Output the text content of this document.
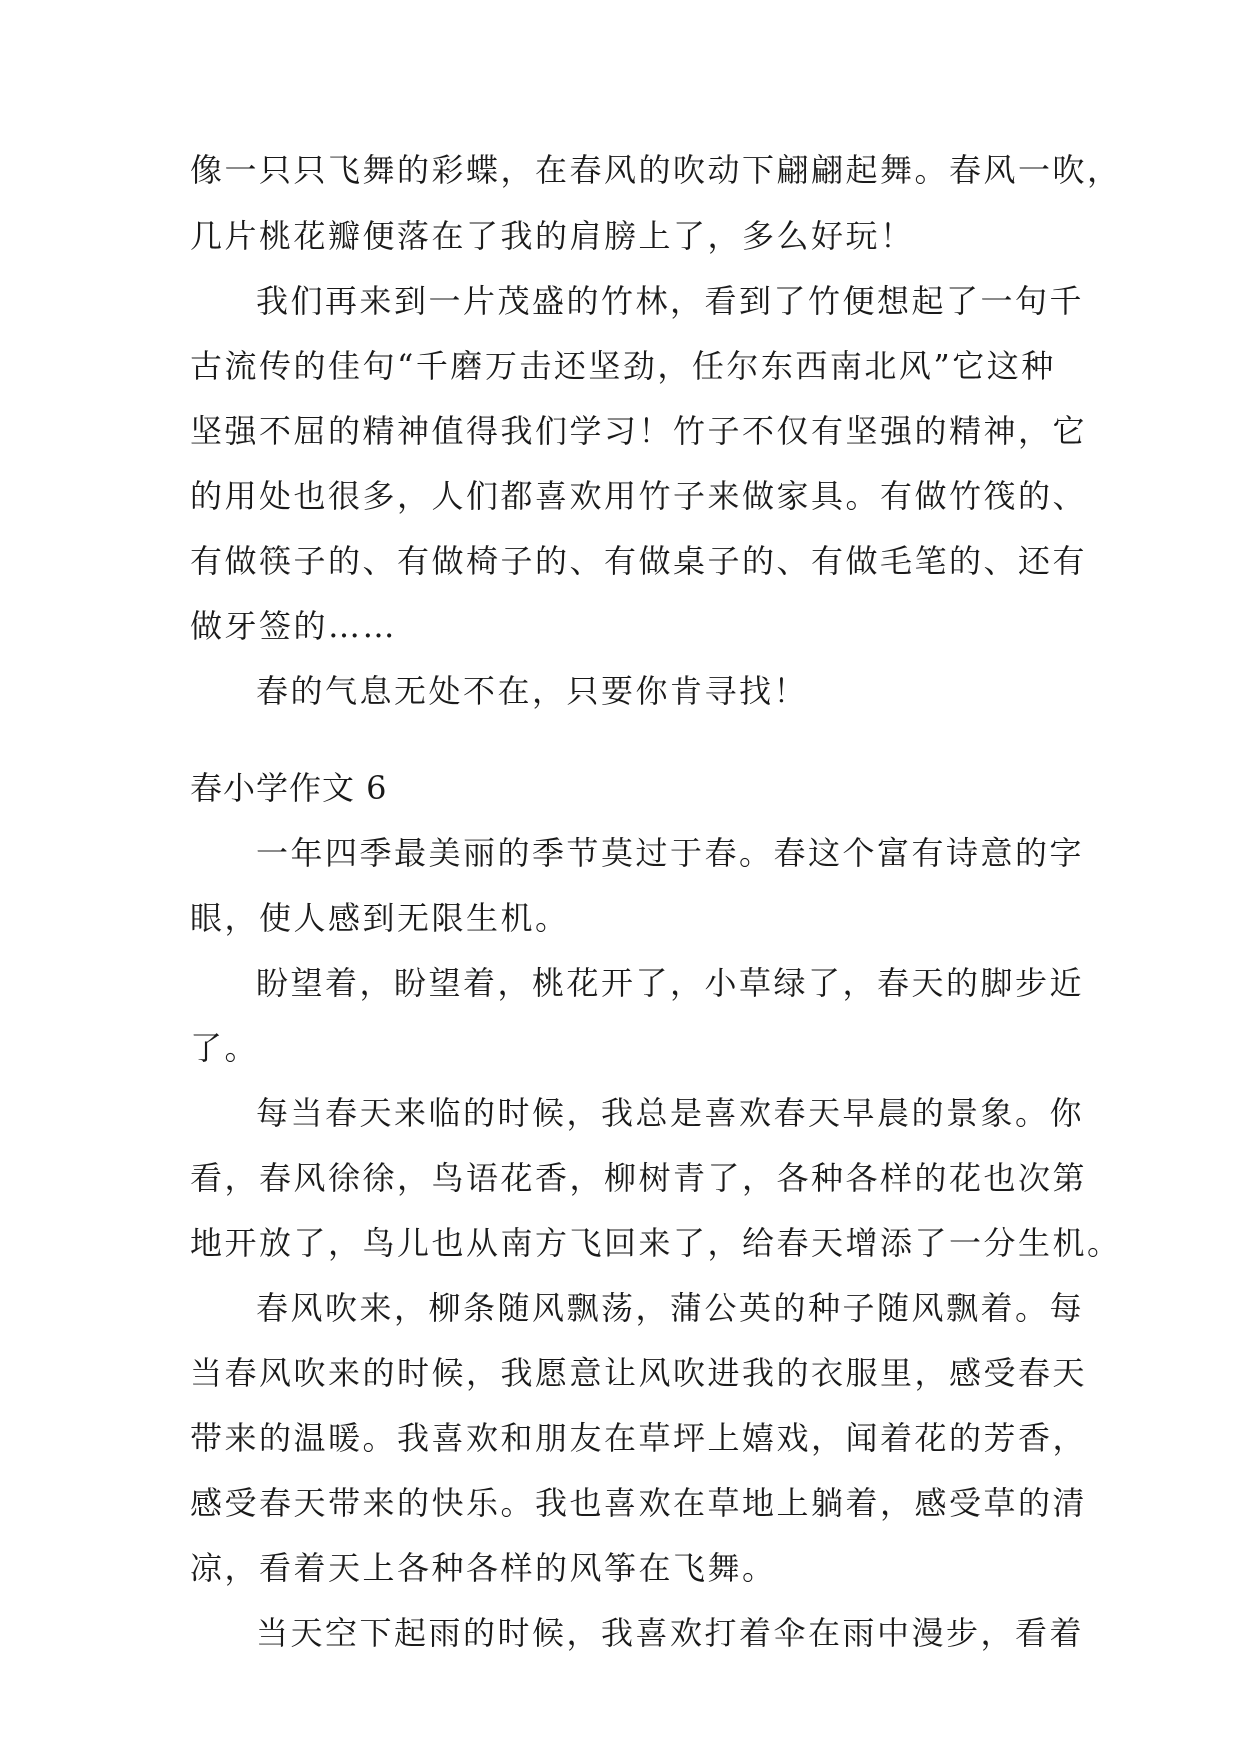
像一只只飞舞的彩蝶，在春风的吹动下翩翩起舞。春风一吹，
几片桃花瓣便落在了我的肩膀上了，多么好玩！
我们再来到一片茂盛的竹林，看到了竹便想起了一句千
古流传的佳句“千磨万击还坚劲，任尔东西南北风”它这种
坚强不屈的精神值得我们学习！竹子不仅有坚强的精神，它
的用处也很多，人们都喜欢用竹子来做家具。有做竹筏的、
有做筷子的、有做椅子的、有做桌子的、有做毛笔的、还有
做牙签的……
春的气息无处不在，只要你肯寻找！
春小学作文 6
一年四季最美丽的季节莫过于春。春这个富有诗意的字
眼，使人感到无限生机。
盼望着，盼望着，桃花开了，小草绿了，春天的脚步近
了。
每当春天来临的时候，我总是喜欢春天早晨的景象。你
看，春风徐徐，鸟语花香，柳树青了，各种各样的花也次第
地开放了，鸟儿也从南方飞回来了，给春天增添了一分生机。
春风吹来，柳条随风飘荡，蒲公英的种子随风飘着。每
当春风吹来的时候，我愿意让风吹进我的衣服里，感受春天
带来的温暖。我喜欢和朋友在草坪上嬉戏，闻着花的芳香，
感受春天带来的快乐。我也喜欢在草地上躺着，感受草的清
凉，看着天上各种各样的风筝在飞舞。
当天空下起雨的时候，我喜欢打着伞在雨中漫步，看着
